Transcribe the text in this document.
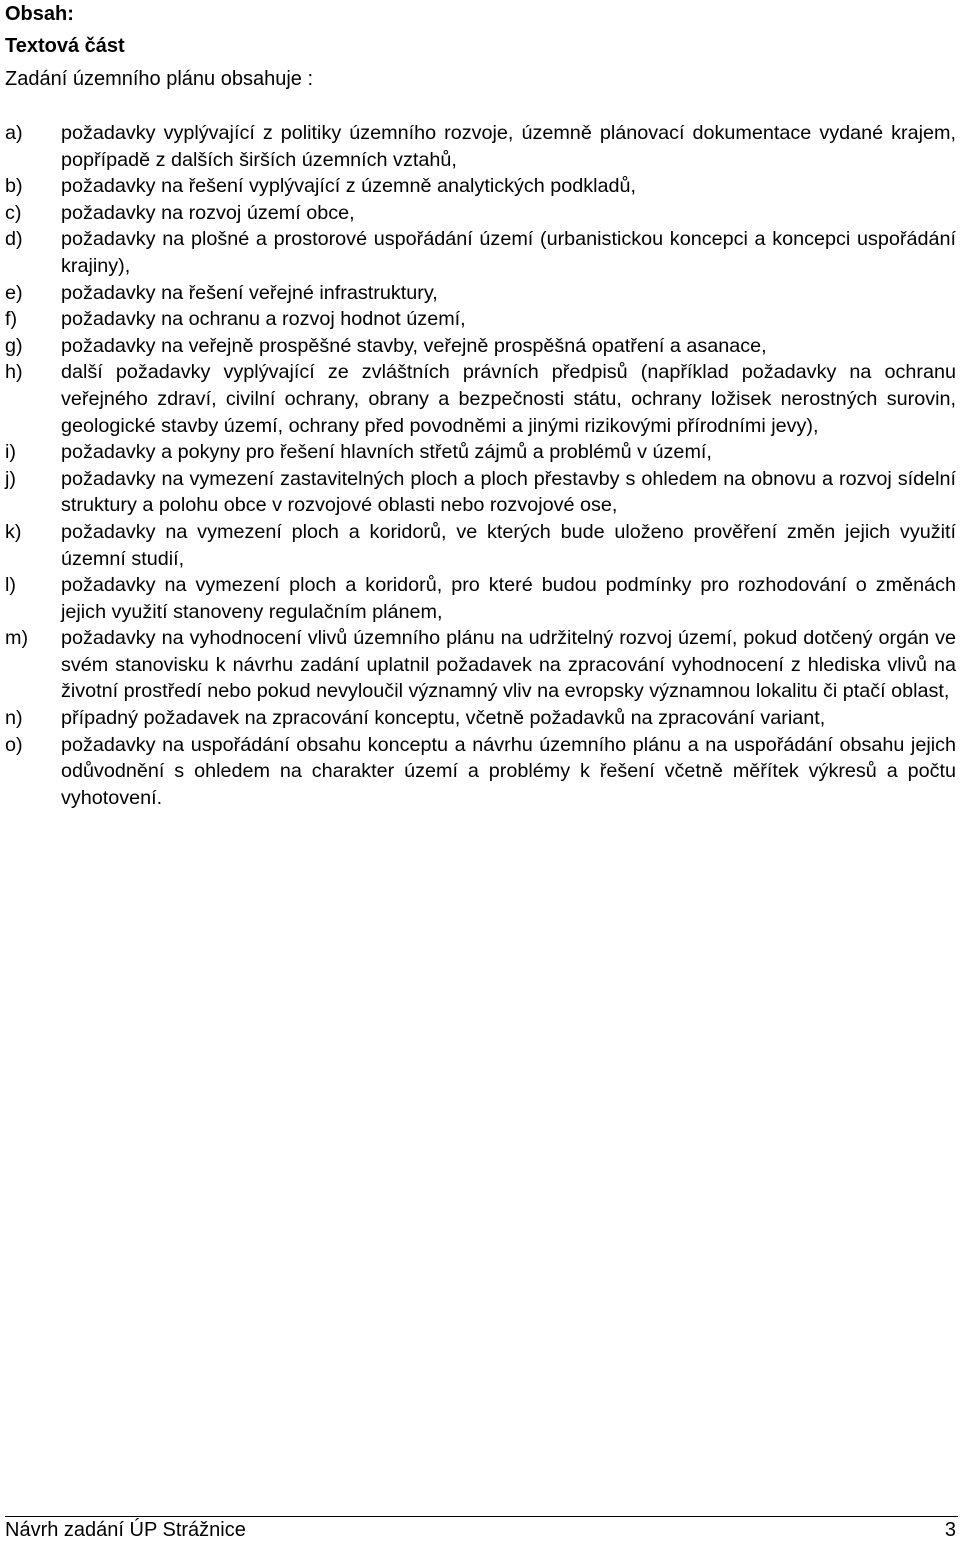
Obsah:
Textová část
Zadání územního plánu obsahuje :
a) požadavky vyplývající z politiky územního rozvoje, územně plánovací dokumentace vydané krajem, popřípadě z dalších širších územních vztahů,
b) požadavky na řešení vyplývající z územně analytických podkladů,
c) požadavky na rozvoj území obce,
d) požadavky na plošné a prostorové uspořádání území (urbanistickou koncepci a koncepci uspořádání krajiny),
e) požadavky na řešení veřejné infrastruktury,
f) požadavky na ochranu a rozvoj hodnot území,
g) požadavky na veřejně prospěšné stavby, veřejně prospěšná opatření a asanace,
h) další požadavky vyplývající ze zvláštních právních předpisů (například požadavky na ochranu veřejného zdraví, civilní ochrany, obrany a bezpečnosti státu, ochrany ložisek nerostných surovin, geologické stavby území, ochrany před povodněmi a jinými rizikovými přírodními jevy),
i) požadavky a pokyny pro řešení hlavních střetů zájmů a problémů v území,
j) požadavky na vymezení zastavitelných ploch a ploch přestavby s ohledem na obnovu a rozvoj sídelní struktury a polohu obce v rozvojové oblasti nebo rozvojové ose,
k) požadavky na vymezení ploch a koridorů, ve kterých bude uloženo prověření změn jejich využití územní studií,
l) požadavky na vymezení ploch a koridorů, pro které budou podmínky pro rozhodování o změnách jejich využití stanoveny regulačním plánem,
m) požadavky na vyhodnocení vlivů územního plánu na udržitelný rozvoj území, pokud dotčený orgán ve svém stanovisku k návrhu zadání uplatnil požadavek na zpracování vyhodnocení z hlediska vlivů na životní prostředí nebo pokud nevyloučil významný vliv na evropsky významnou lokalitu či ptačí oblast,
n) případný požadavek na zpracování konceptu, včetně požadavků na zpracování variant,
o) požadavky na uspořádání obsahu konceptu a návrhu územního plánu a na uspořádání obsahu jejich odůvodnění s ohledem na charakter území a problémy k řešení včetně měřítek výkresů a počtu vyhotovení.
Návrh zadání ÚP Strážnice	3
